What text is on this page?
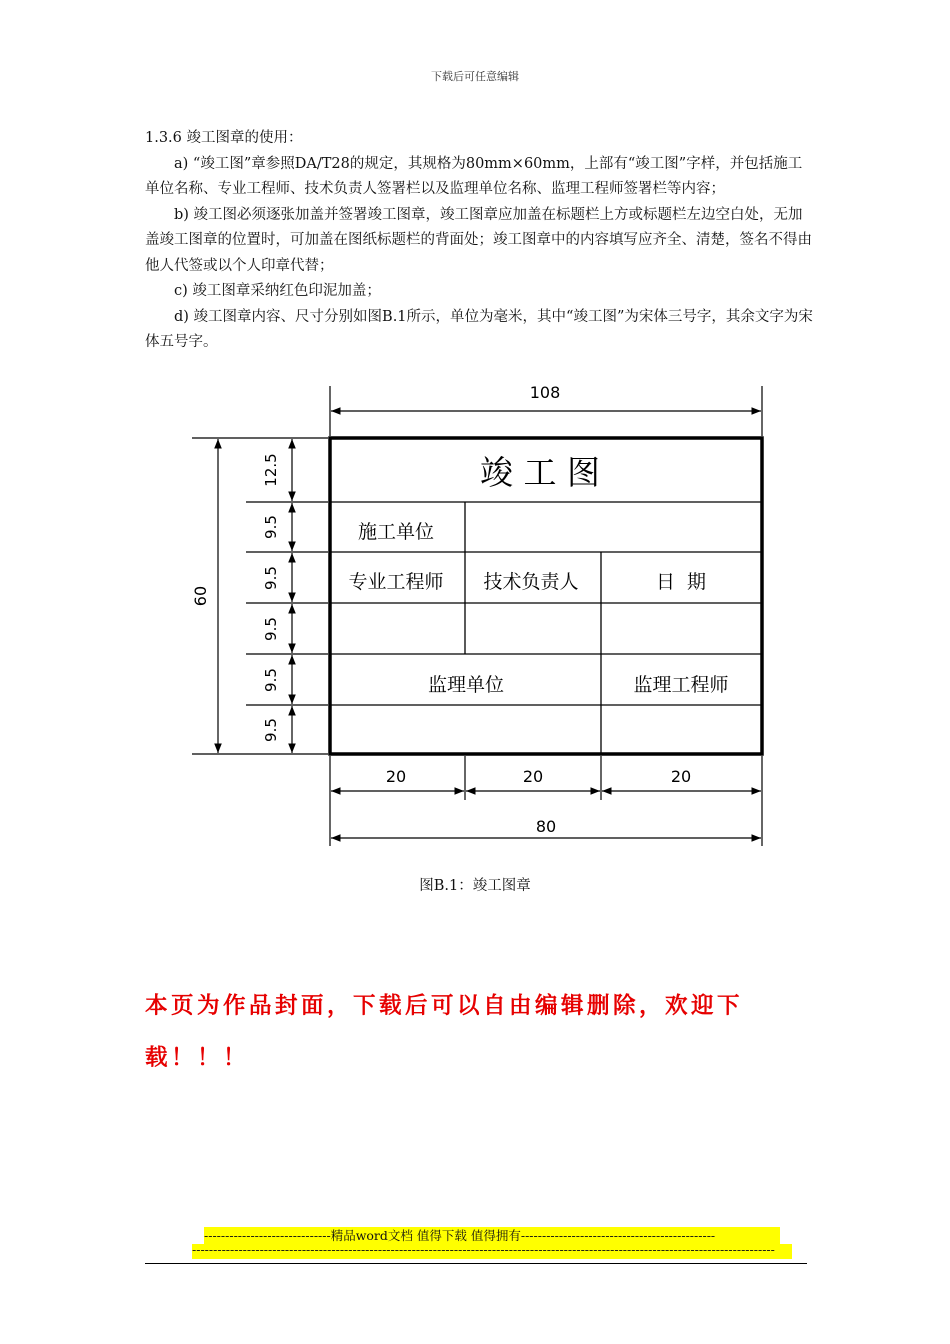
下载后可任意编辑

1.3.6 竣工图章的使用：

a) “竣工图”章参照DA/T28的规定，其规格为80mm×60mm，上部有“竣工图”字样，并包括施工单位名称、专业工程师、技术负责人签署栏以及监理单位名称、监理工程师签署栏等内容；

b) 竣工图必须逐张加盖并签署竣工图章，竣工图章应加盖在标题栏上方或标题栏左边空白处，无加盖竣工图章的位置时，可加盖在图纸标题栏的背面处；竣工图章中的内容填写应齐全、清楚，签名不得由他人代签或以个人印章代替；

c) 竣工图章采纳红色印泥加盖；

d) 竣工图章内容、尺寸分别如图B.1所示，单位为毫米，其中“竣工图”为宋体三号字，其余文字为宋体五号字。

竣 工 图
施工单位
专业工程师 技术负责人	日  期
监理单位	监理工程师
108
60
12.5
9.5
9.5
9.5
9.5
9.5
20	20	20
80
图B.1：竣工图章
本页为作品封面，下载后可以自由编辑删除，欢迎下载！！！
------------------------------精品word文档 值得下载 值得拥有----------------------------------------------
------------------------------------------------------------------------------------------------------------------------------------------
